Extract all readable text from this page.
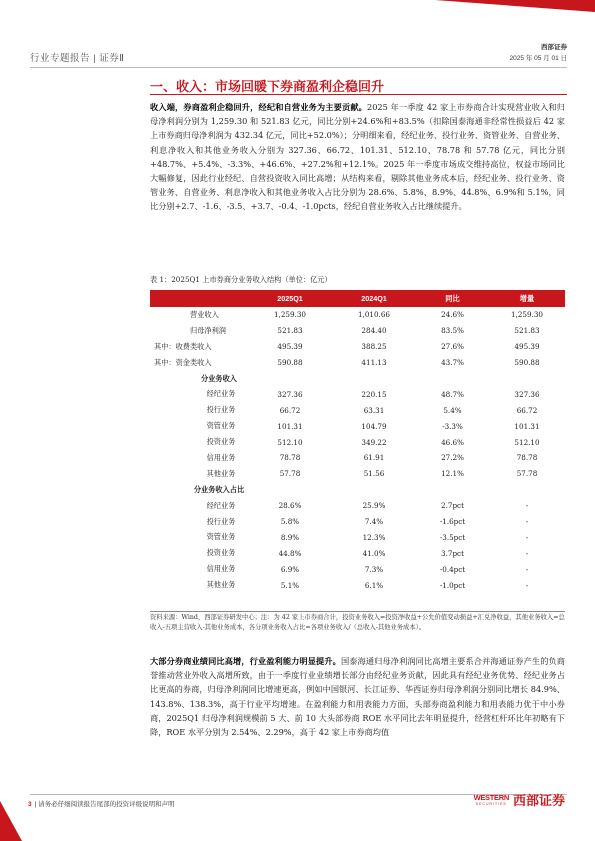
行业专题报告 | 证券Ⅱ
西部证券
2025 年 05 月 01 日
一、收入：市场回暖下券商盈利企稳回升
收入端，券商盈利企稳回升，经纪和自营业务为主要贡献。2025 年一季度 42 家上市券商合计实现营业收入和归母净利润分别为 1,259.30 和 521.83 亿元，同比分别+24.6%和+83.5%（扣除国泰海通非经常性损益后 42 家上市券商归母净利润为 432.34 亿元，同比+52.0%）；分明细来看，经纪业务、投行业务、资管业务、自营业务、利息净收入和其他业务收入分别为 327.36、66.72、101.31、512.10、78.78 和 57.78 亿元，同比分别+48.7%、+5.4%、-3.3%、+46.6%、+27.2%和+12.1%。2025 年一季度市场成交维持高位，权益市场同比大幅修复，因此行业经纪、自营投资收入同比高增；从结构来看，剔除其他业务成本后，经纪业务、投行业务、资管业务、自营业务、利息净收入和其他业务收入占比分别为 28.6%、5.8%、8.9%、44.8%、6.9%和 5.1%，同比分别+2.7、-1.6、-3.5、+3.7、-0.4、-1.0pcts，经纪自营业务收入占比继续提升。
表 1：2025Q1 上市券商分业务收入结构（单位：亿元）
	2025Q1	2024Q1	同比	增量
营业收入	1,259.30	1,010.66	24.6%	1,259.30
归母净利润	521.83	284.40	83.5%	521.83
其中：收费类收入	495.39	388.25	27.6%	495.39
其中：资金类收入	590.88	411.13	43.7%	590.88
分业务收入				
经纪业务	327.36	220.15	48.7%	327.36
投行业务	66.72	63.31	5.4%	66.72
资管业务	101.31	104.79	-3.3%	101.31
投资业务	512.10	349.22	46.6%	512.10
信用业务	78.78	61.91	27.2%	78.78
其他业务	57.78	51.56	12.1%	57.78
分业务收入占比				
经纪业务	28.6%	25.9%	2.7pct	-
投行业务	5.8%	7.4%	-1.6pct	-
资管业务	8.9%	12.3%	-3.5pct	-
投资业务	44.8%	41.0%	3.7pct	-
信用业务	6.9%	7.3%	-0.4pct	-
其他业务	5.1%	6.1%	-1.0pct	-
资料来源：Wind，西部证券研发中心；注：为 42 家上市券商合计，投资业务收入=投资净收益+公允价值变动损益+汇兑净收益，其他业务收入=总收入-五项主营收入-其他业务成本，各分项业务收入占比=各项业务收入/（总收入-其他业务成本）。
大部分券商业绩同比高增，行业盈利能力明显提升。国泰海通归母净利润同比高增主要系合并海通证券产生的负商誉推动营业外收入高增所致，由于一季度行业业绩增长部分由经纪业务贡献，因此具有经纪业务优势、经纪业务占比更高的券商，归母净利润同比增速更高，例如中国银河、长江证券、华西证券归母净利润分别同比增长 84.9%、143.8%、138.3%，高于行业平均增速。在盈利能力和用表能力方面，头部券商盈利能力和用表能力优于中小券商，2025Q1 归母净利润规模前 5 大、前 10 大头部券商 ROE 水平同比去年明显提升，经营杠杆环比年初略有下降，ROE 水平分别为 2.54%、2.29%，高于 42 家上市券商均值
3 | 请务必仔细阅读报告尾部的投资评级说明和声明
WESTERN
SECURITIES 西部证券
